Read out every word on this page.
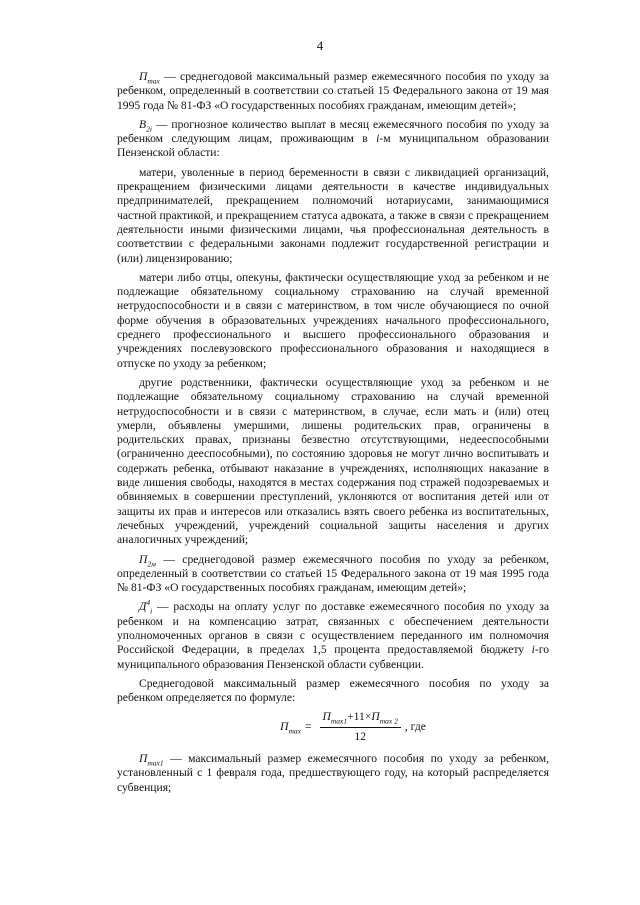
4

$П_{max}$ — среднегодовой максимальный размер ежемесячного пособия по уходу за ребенком, определенный в соответствии со статьей 15 Федерального закона от 19 мая 1995 года № 81-ФЗ «О государственных пособиях гражданам, имеющим детей»;

$В_{2i}$ — прогнозное количество выплат в месяц ежемесячного пособия по уходу за ребенком следующим лицам, проживающим в i-м муниципальном образовании Пензенской области:

матери, уволенные в период беременности в связи с ликвидацией организаций, прекращением физическими лицами деятельности в качестве индивидуальных предпринимателей, прекращением полномочий нотариусами, занимающимися частной практикой, и прекращением статуса адвоката, а также в связи с прекращением деятельности иными физическими лицами, чья профессиональная деятельность в соответствии с федеральными законами подлежит государственной регистрации и (или) лицензированию;

матери либо отцы, опекуны, фактически осуществляющие уход за ребенком и не подлежащие обязательному социальному страхованию на случай временной нетрудоспособности и в связи с материнством, в том числе обучающиеся по очной форме обучения в образовательных учреждениях начального профессионального, среднего профессионального и высшего профессионального образования и учреждениях послевузовского профессионального образования и находящиеся в отпуске по уходу за ребенком;

другие родственники, фактически осуществляющие уход за ребенком и не подлежащие обязательному социальному страхованию на случай временной нетрудоспособности и в связи с материнством, в случае, если мать и (или) отец умерли, объявлены умершими, лишены родительских прав, ограничены в родительских правах, признаны безвестно отсутствующими, недееспособными (ограниченно дееспособными), по состоянию здоровья не могут лично воспитывать и содержать ребенка, отбывают наказание в учреждениях, исполняющих наказание в виде лишения свободы, находятся в местах содержания под стражей подозреваемых и обвиняемых в совершении преступлений, уклоняются от воспитания детей или от защиты их прав и интересов или отказались взять своего ребенка из воспитательных, лечебных учреждений, учреждений социальной защиты населения и других аналогичных учреждений;

$П_{2м}$ — среднегодовой размер ежемесячного пособия по уходу за ребенком, определенный в соответствии со статьей 15 Федерального закона от 19 мая 1995 года № 81-ФЗ «О государственных пособиях гражданам, имеющим детей»;

$Д^4_i$ — расходы на оплату услуг по доставке ежемесячного пособия по уходу за ребенком и на компенсацию затрат, связанных с обеспечением деятельности уполномоченных органов в связи с осуществлением переданного им полномочия Российской Федерации, в пределах 1,5 процента предоставляемой бюджету i-го муниципального образования Пензенской области субвенции.

Среднегодовой максимальный размер ежемесячного пособия по уходу за ребенком определяется по формуле:

$П_{max} = \frac{П_{max1}+11\times П_{max 2}}{12}$ , где

$П_{max1}$ — максимальный размер ежемесячного пособия по уходу за ребенком, установленный с 1 февраля года, предшествующего году, на который распределяется субвенция;
